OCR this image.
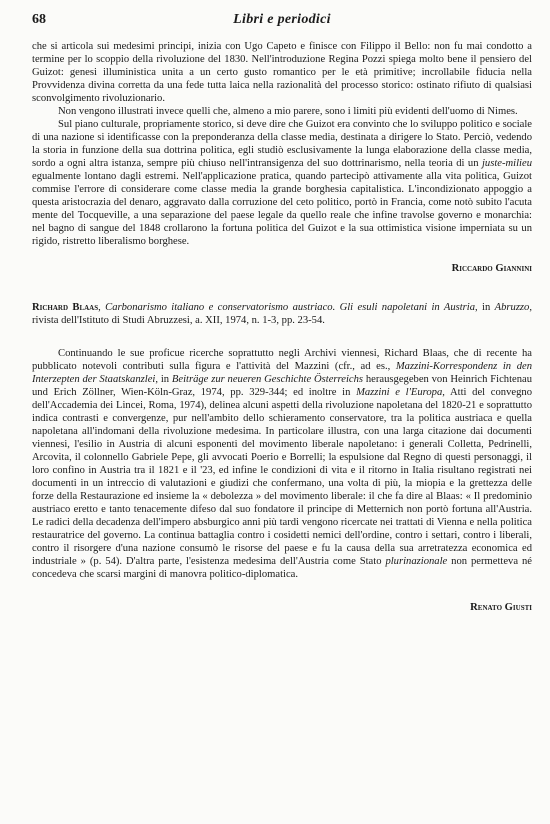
68	Libri e periodici

che si articola sui medesimi principi, inizia con Ugo Capeto e finisce con Filippo il Bello: non fu mai condotto a termine per lo scoppio della rivoluzione del 1830. Nell'introduzione Regina Pozzi spiega molto bene il pensiero del Guizot: genesi illuministica unita a un certo gusto romantico per le età primitive; incrollabile fiducia nella Provvidenza divina corretta da una fede tutta laica nella razionalità del processo storico: ostinato rifiuto di qualsiasi sconvolgimento rivoluzionario.

Non vengono illustrati invece quelli che, almeno a mio parere, sono i limiti più evidenti dell'uomo di Nimes.

Sul piano culturale, propriamente storico, si deve dire che Guizot era convinto che lo sviluppo politico e sociale di una nazione si identificasse con la preponderanza della classe media, destinata a dirigere lo Stato. Perciò, vedendo la storia in funzione della sua dottrina politica, egli studiò esclusivamente la lunga elaborazione della classe media, sordo a ogni altra istanza, sempre più chiuso nell'intransigenza del suo dottrinarismo, nella teoria di un juste-milieu egualmente lontano dagli estremi. Nell'applicazione pratica, quando partecipò attivamente alla vita politica, Guizot commise l'errore di considerare come classe media la grande borghesia capitalistica. L'incondizionato appoggio a questa aristocrazia del denaro, aggravato dalla corruzione del ceto politico, portò in Francia, come notò subito l'acuta mente del Tocqueville, a una separazione del paese legale da quello reale che infine travolse governo e monarchia: nel bagno di sangue del 1848 crollarono la fortuna politica del Guizot e la sua ottimistica visione imperniata su un rigido, ristretto liberalismo borghese.

Riccardo Giannini

Richard Blaas, Carbonarismo italiano e conservatorismo austriaco. Gli esuli napoletani in Austria, in Abruzzo, rivista dell'Istituto di Studi Abruzzesi, a. XII, 1974, n. 1-3, pp. 23-54.

Continuando le sue proficue ricerche soprattutto negli Archivi viennesi, Richard Blaas, che di recente ha pubblicato notevoli contributi sulla figura e l'attività del Mazzini (cfr., ad es., Mazzini-Korrespondenz in den Interzepten der Staatskanzlei, in Beiträge zur neueren Geschichte Österreichs herausgegeben von Heinrich Fichtenau und Erich Zöllner, Wien-Köln-Graz, 1974, pp. 329-344; ed inoltre in Mazzini e l'Europa, Atti del convegno dell'Accademia dei Lincei, Roma, 1974), delinea alcuni aspetti della rivoluzione napoletana del 1820-21 e soprattutto indica contrasti e convergenze, pur nell'ambito dello schieramento conservatore, tra la politica austriaca e quella napoletana all'indomani della rivoluzione medesima. In particolare illustra, con una larga citazione dai documenti viennesi, l'esilio in Austria di alcuni esponenti del movimento liberale napoletano: i generali Colletta, Pedrinelli, Arcovita, il colonnello Gabriele Pepe, gli avvocati Poerio e Borrelli; la espulsione dal Regno di questi personaggi, il loro confino in Austria tra il 1821 e il '23, ed infine le condizioni di vita e il ritorno in Italia risultano registrati nei documenti in un intreccio di valutazioni e giudizi che confermano, una volta di più, la miopia e la grettezza delle forze della Restaurazione ed insieme la « debolezza » del movimento liberale: il che fa dire al Blaas: « Il predominio austriaco eretto e tanto tenacemente difeso dal suo fondatore il principe di Metternich non portò fortuna all'Austria. Le radici della decadenza dell'impero absburgico anni più tardi vengono ricercate nei trattati di Vienna e nella politica restauratrice del governo. La continua battaglia contro i cosidetti nemici dell'ordine, contro i settari, contro i liberali, contro il risorgere d'una nazione consumò le risorse del paese e fu la causa della sua arretratezza economica ed industriale » (p. 54). D'altra parte, l'esistenza medesima dell'Austria come Stato plurinazionale non permetteva né concedeva che scarsi margini di manovra politico-diplomatica.

Renato Giusti
